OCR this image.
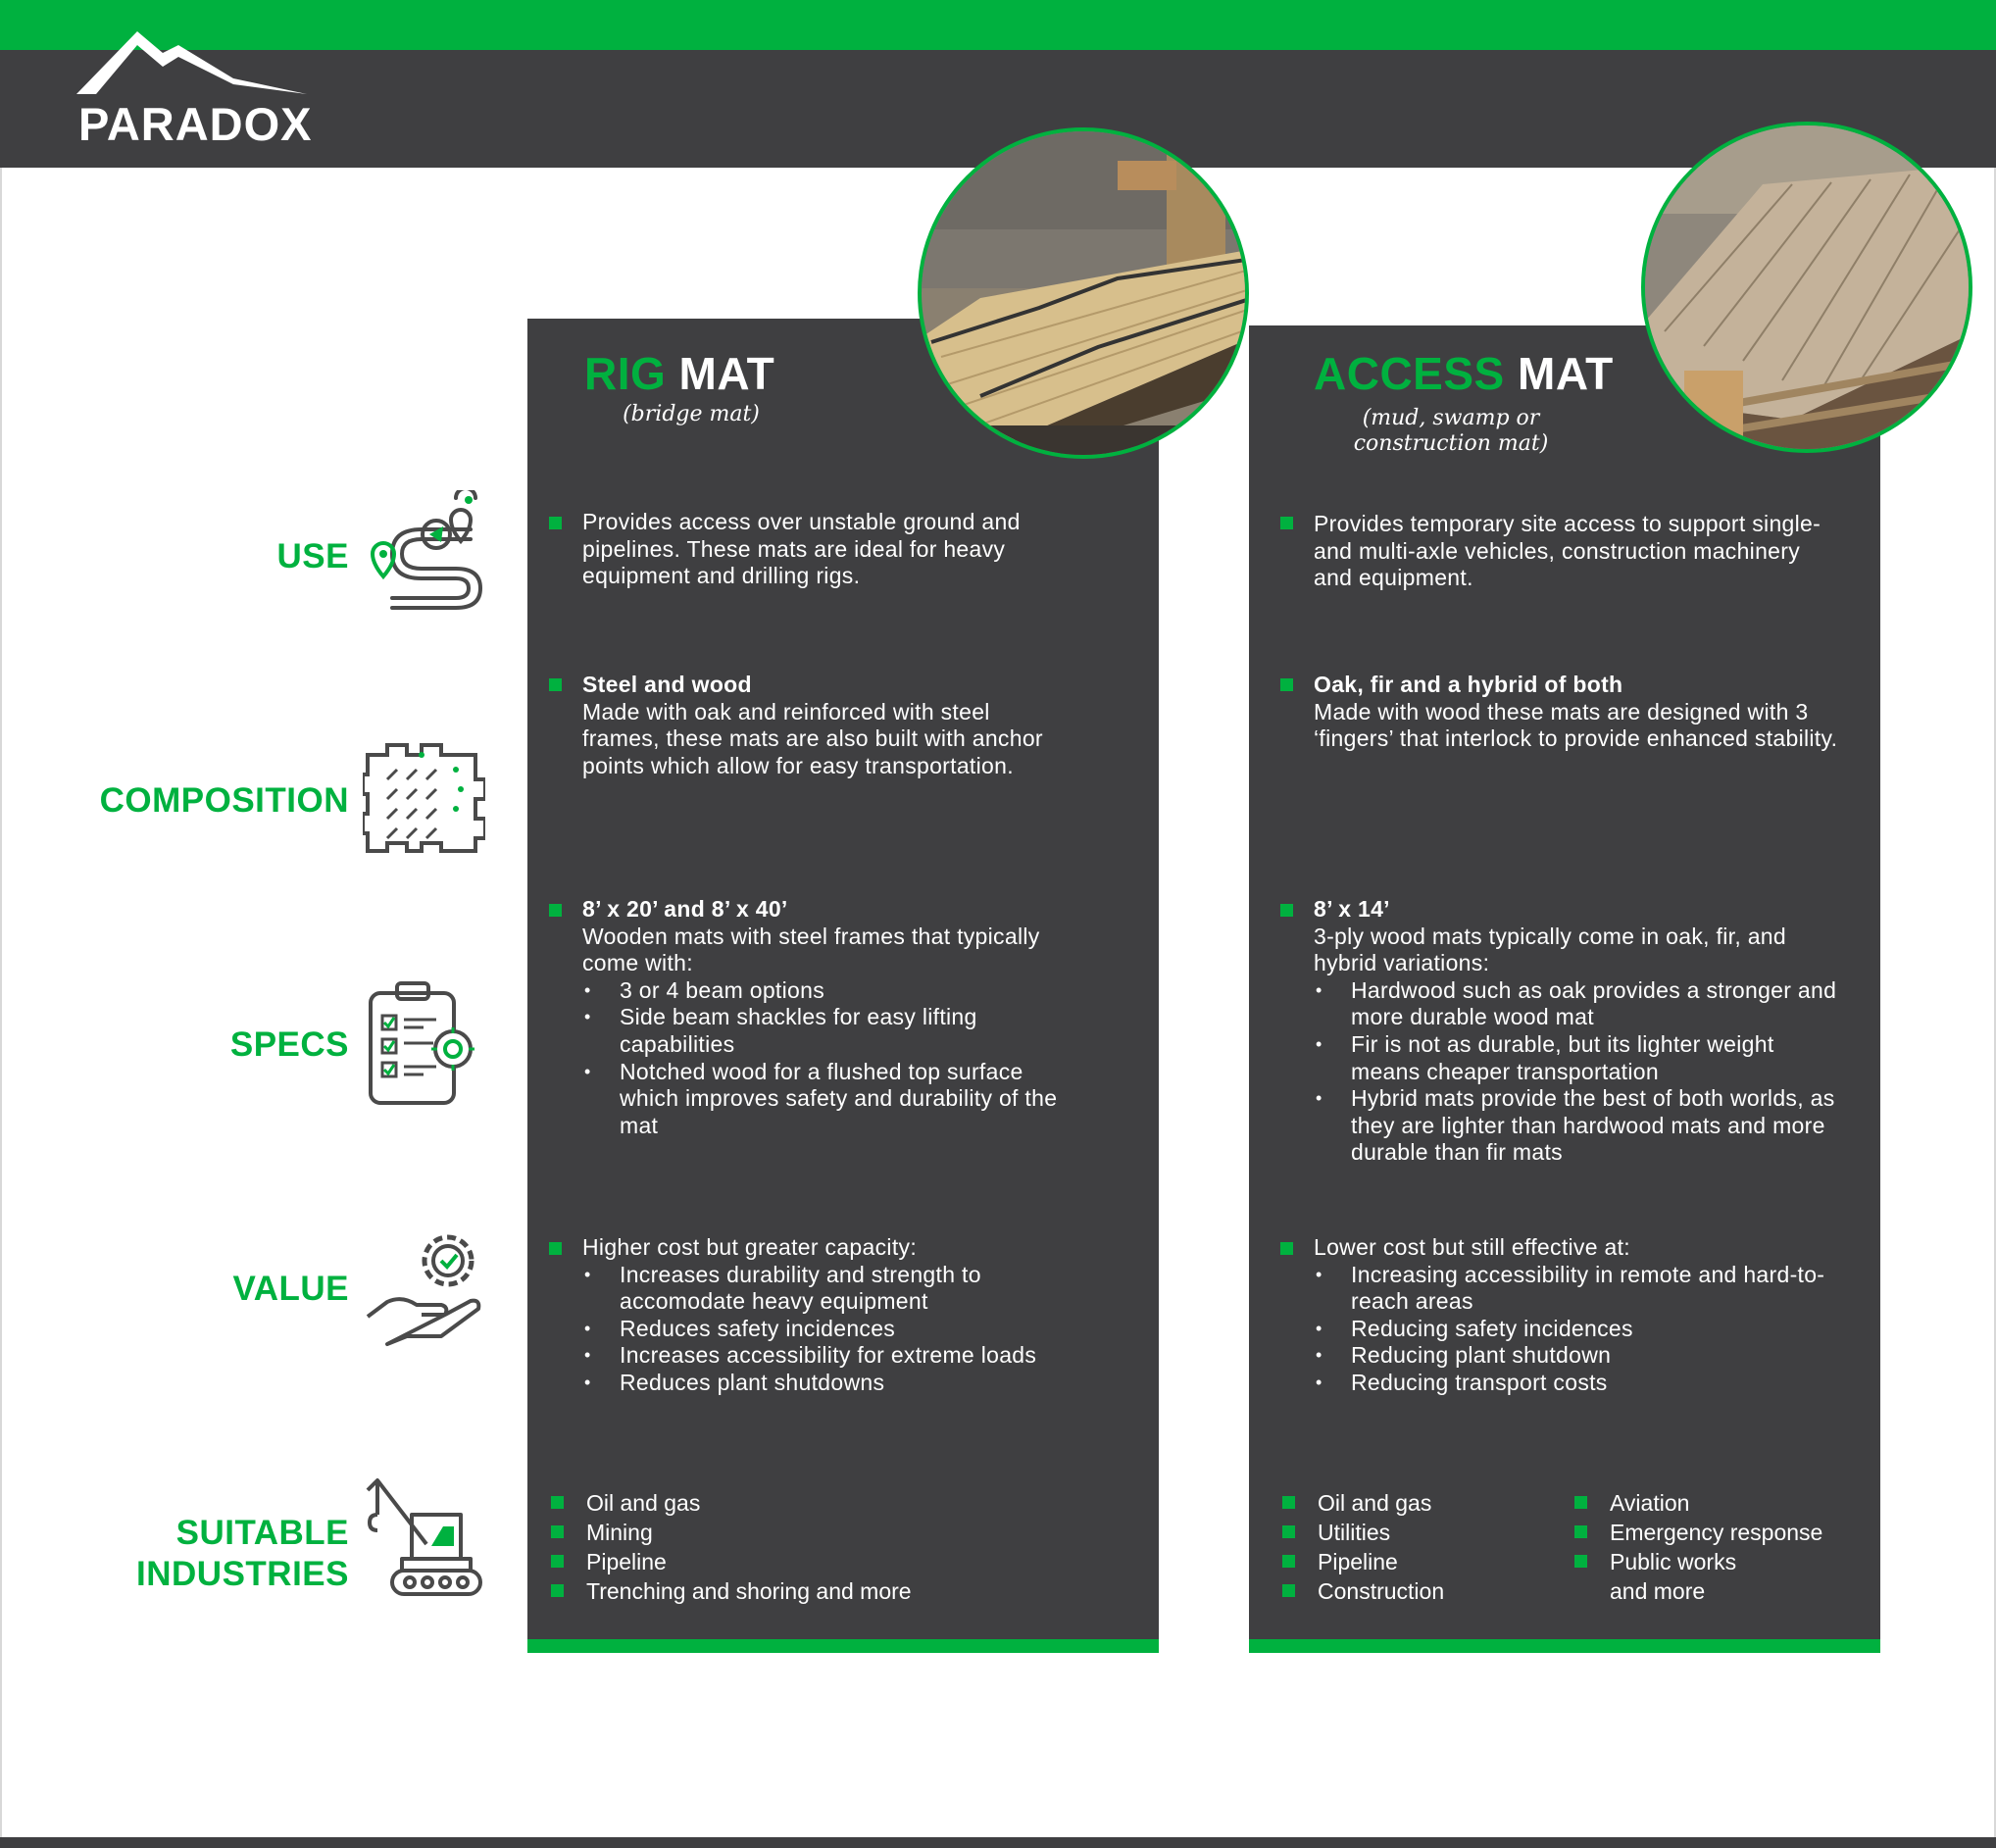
PARADOX
USE
COMPOSITION
SPECS
VALUE
SUITABLE
INDUSTRIES
RIG MAT
(bridge mat)
Provides access over unstable ground and pipelines. These mats are ideal for heavy equipment and drilling rigs.
Steel and wood
Made with oak and reinforced with steel frames, these mats are also built with anchor points which allow for easy transportation.
8’ x 20’ and 8’ x 40’
Wooden mats with steel frames that typically come with:
• 3 or 4 beam options
• Side beam shackles for easy lifting capabilities
• Notched wood for a flushed top surface which improves safety and durability of the mat
Higher cost but greater capacity:
• Increases durability and strength to accomodate heavy equipment
• Reduces safety incidences
• Increases accessibility for extreme loads
• Reduces plant shutdowns
Oil and gas
Mining
Pipeline
Trenching and shoring and more
ACCESS MAT
(mud, swamp or
construction mat)
Provides temporary site access to support single- and multi-axle vehicles, construction machinery and equipment.
Oak, fir and a hybrid of both
Made with wood these mats are designed with 3 ‘fingers’ that interlock to provide enhanced stability.
8’ x 14’
3-ply wood mats typically come in oak, fir, and hybrid variations:
• Hardwood such as oak provides a stronger and more durable wood mat
• Fir is not as durable, but its lighter weight means cheaper transportation
• Hybrid mats provide the best of both worlds, as they are lighter than hardwood mats and more durable than fir mats
Lower cost but still effective at:
• Increasing accessibility in remote and hard-to-reach areas
• Reducing safety incidences
• Reducing plant shutdown
• Reducing transport costs
Oil and gas
Utilities
Pipeline
Construction
Aviation
Emergency response
Public works
and more
